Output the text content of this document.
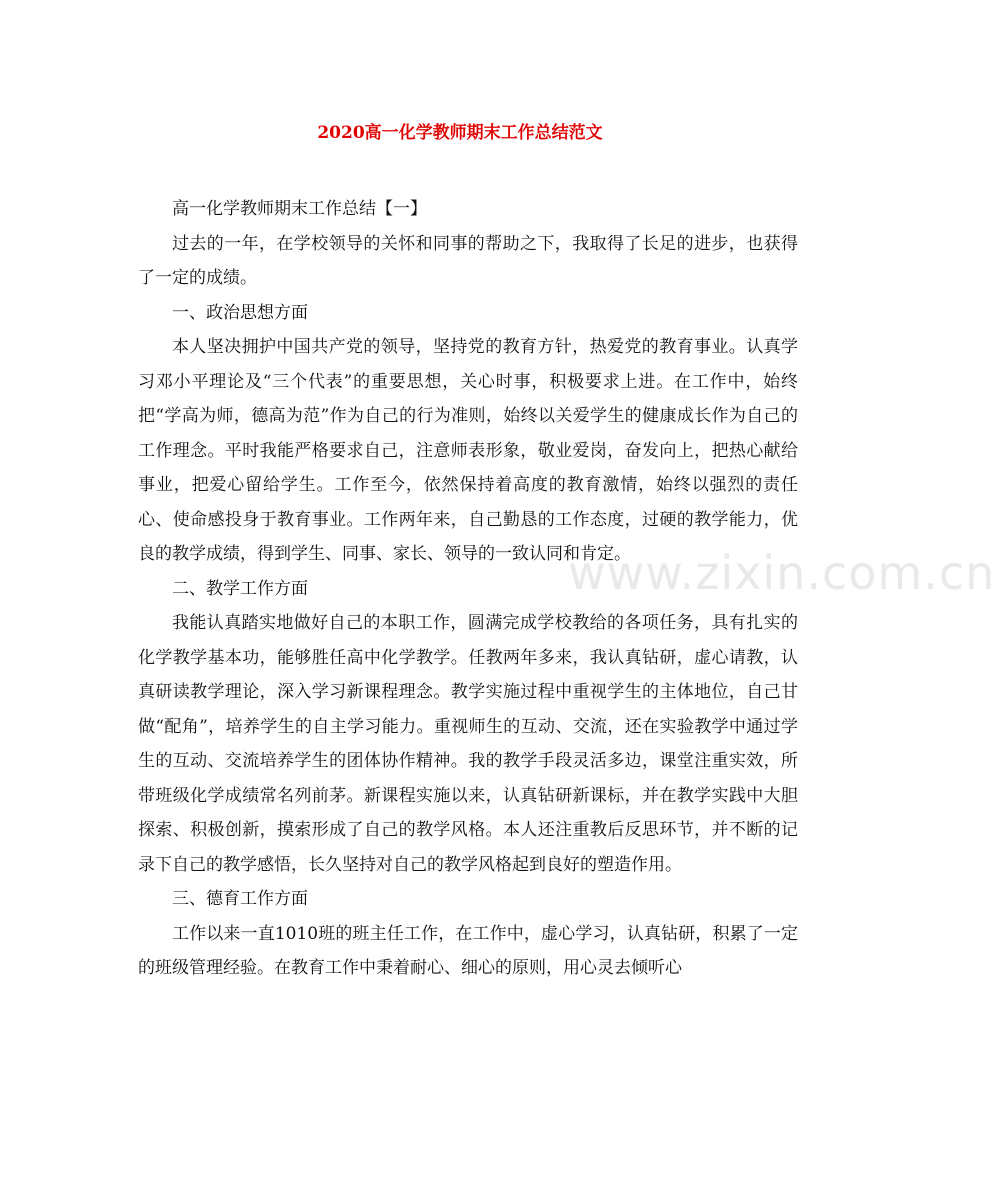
2020高一化学教师期末工作总结范文

高一化学教师期末工作总结【一】

过去的一年，在学校领导的关怀和同事的帮助之下，我取得了长足的进步，也获得了一定的成绩。

一、政治思想方面

本人坚决拥护中国共产党的领导，坚持党的教育方针，热爱党的教育事业。认真学习邓小平理论及“三个代表”的重要思想，关心时事，积极要求上进。在工作中，始终把“学高为师，德高为范”作为自己的行为准则，始终以关爱学生的健康成长作为自己的工作理念。平时我能严格要求自己，注意师表形象，敬业爱岗，奋发向上，把热心献给事业，把爱心留给学生。工作至今，依然保持着高度的教育激情，始终以强烈的责任心、使命感投身于教育事业。工作两年来，自己勤恳的工作态度，过硬的教学能力，优良的教学成绩，得到学生、同事、家长、领导的一致认同和肯定。

二、教学工作方面

我能认真踏实地做好自己的本职工作，圆满完成学校教给的各项任务，具有扎实的化学教学基本功，能够胜任高中化学教学。任教两年多来，我认真钻研，虚心请教，认真研读教学理论，深入学习新课程理念。教学实施过程中重视学生的主体地位，自己甘做“配角”，培养学生的自主学习能力。重视师生的互动、交流，还在实验教学中通过学生的互动、交流培养学生的团体协作精神。我的教学手段灵活多边，课堂注重实效，所带班级化学成绩常名列前茅。新课程实施以来，认真钻研新课标，并在教学实践中大胆探索、积极创新，摸索形成了自己的教学风格。本人还注重教后反思环节，并不断的记录下自己的教学感悟，长久坚持对自己的教学风格起到良好的塑造作用。

三、德育工作方面

工作以来一直1010班的班主任工作，在工作中，虚心学习，认真钻研，积累了一定的班级管理经验。在教育工作中秉着耐心、细心的原则，用心灵去倾听心

www.zixin.com.cn
